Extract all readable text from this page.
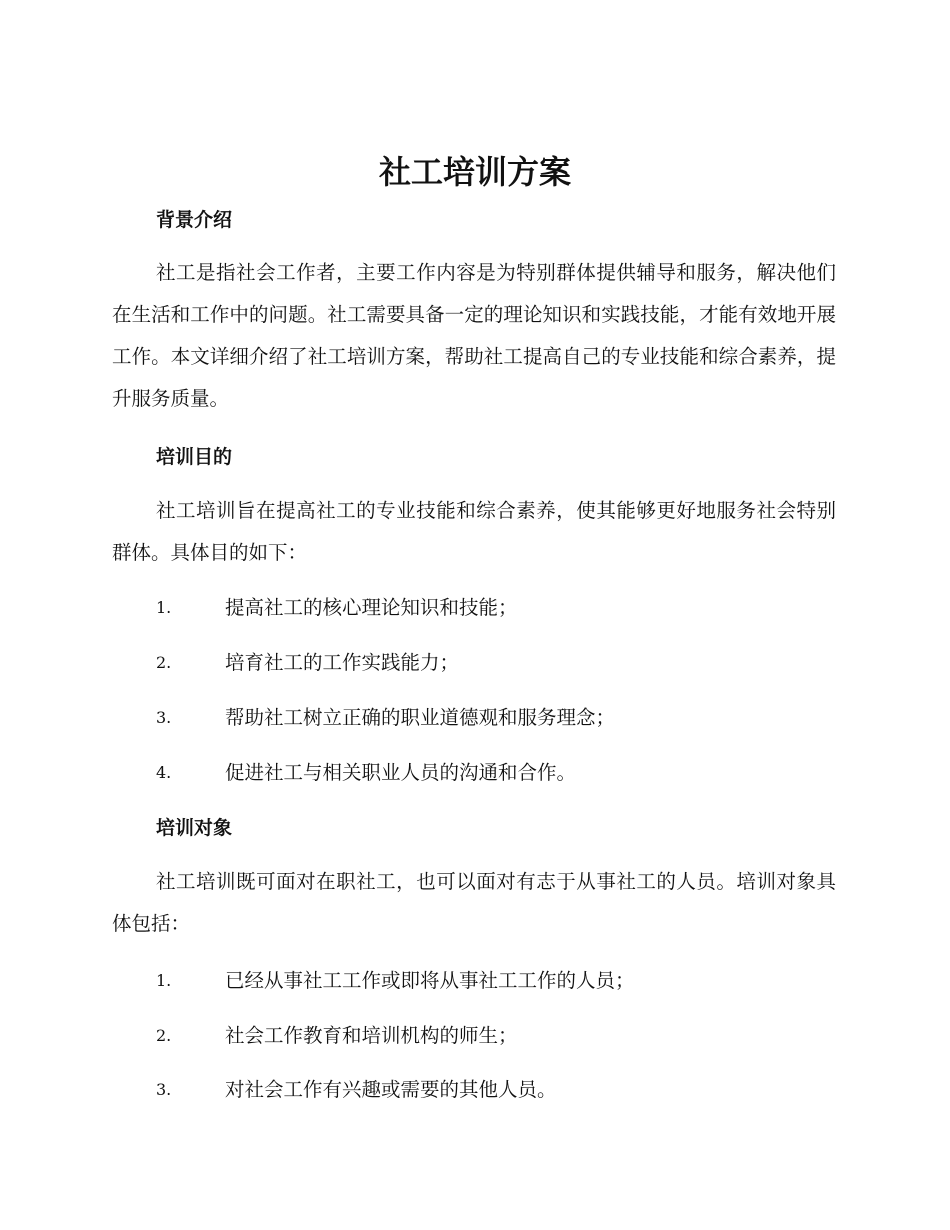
社工培训方案
背景介绍

社工是指社会工作者，主要工作内容是为特别群体提供辅导和服务，解决他们在生活和工作中的问题。社工需要具备一定的理论知识和实践技能，才能有效地开展工作。本文详细介绍了社工培训方案，帮助社工提高自己的专业技能和综合素养，提升服务质量。

培训目的

社工培训旨在提高社工的专业技能和综合素养，使其能够更好地服务社会特别群体。具体目的如下：

1.	提高社工的核心理论知识和技能；
2.	培育社工的工作实践能力；
3.	帮助社工树立正确的职业道德观和服务理念；
4.	促进社工与相关职业人员的沟通和合作。
培训对象

社工培训既可面对在职社工，也可以面对有志于从事社工的人员。培训对象具体包括：

1.	已经从事社工工作或即将从事社工工作的人员；
2.	社会工作教育和培训机构的师生；
3.	对社会工作有兴趣或需要的其他人员。
